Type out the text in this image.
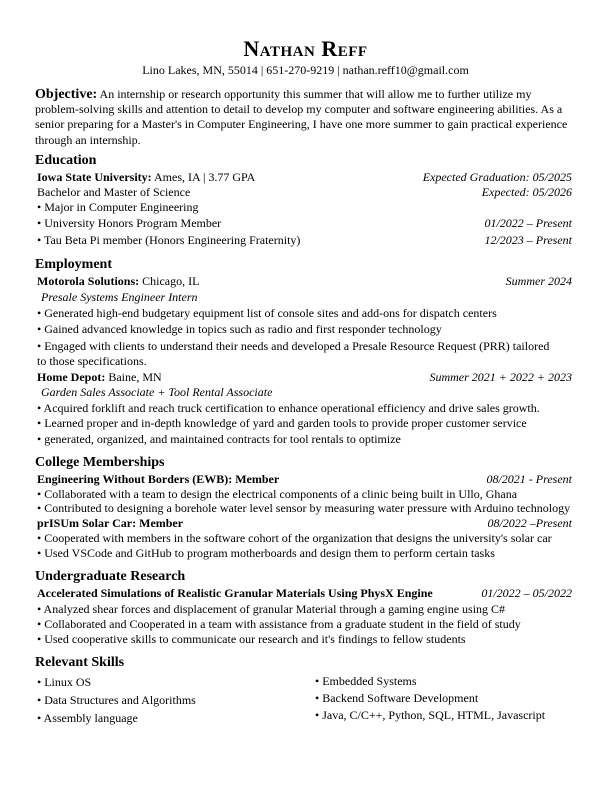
Nathan Reff
Lino Lakes, MN, 55014 | 651-270-9219 | nathan.reff10@gmail.com
Objective: An internship or research opportunity this summer that will allow me to further utilize my problem-solving skills and attention to detail to develop my computer and software engineering abilities. As a senior preparing for a Master's in Computer Engineering, I have one more summer to gain practical experience through an internship.
Education
Iowa State University: Ames, IA | 3.77 GPA	Expected Graduation: 05/2025
Bachelor and Master of Science	Expected: 05/2026
• Major in Computer Engineering
• University Honors Program Member	01/2022 – Present
• Tau Beta Pi member (Honors Engineering Fraternity)	12/2023 – Present
Employment
Motorola Solutions: Chicago, IL	Summer 2024
Presale Systems Engineer Intern
• Generated high-end budgetary equipment list of console sites and add-ons for dispatch centers
• Gained advanced knowledge in topics such as radio and first responder technology
• Engaged with clients to understand their needs and developed a Presale Resource Request (PRR) tailored to those specifications.
Home Depot: Baine, MN	Summer 2021 + 2022 + 2023
Garden Sales Associate + Tool Rental Associate
• Acquired forklift and reach truck certification to enhance operational efficiency and drive sales growth.
• Learned proper and in-depth knowledge of yard and garden tools to provide proper customer service
• generated, organized, and maintained contracts for tool rentals to optimize
College Memberships
Engineering Without Borders (EWB): Member	08/2021 - Present
• Collaborated with a team to design the electrical components of a clinic being built in Ullo, Ghana
• Contributed to designing a borehole water level sensor by measuring water pressure with Arduino technology
prISUm Solar Car: Member	08/2022 –Present
• Cooperated with members in the software cohort of the organization that designs the university's solar car
• Used VSCode and GitHub to program motherboards and design them to perform certain tasks
Undergraduate Research
Accelerated Simulations of Realistic Granular Materials Using PhysX Engine	01/2022 – 05/2022
• Analyzed shear forces and displacement of granular Material through a gaming engine using C#
• Collaborated and Cooperated in a team with assistance from a graduate student in the field of study
• Used cooperative skills to communicate our research and it's findings to fellow students
Relevant Skills
• Linux OS
• Data Structures and Algorithms
• Assembly language
• Embedded Systems
• Backend Software Development
• Java, C/C++, Python, SQL, HTML, Javascript
